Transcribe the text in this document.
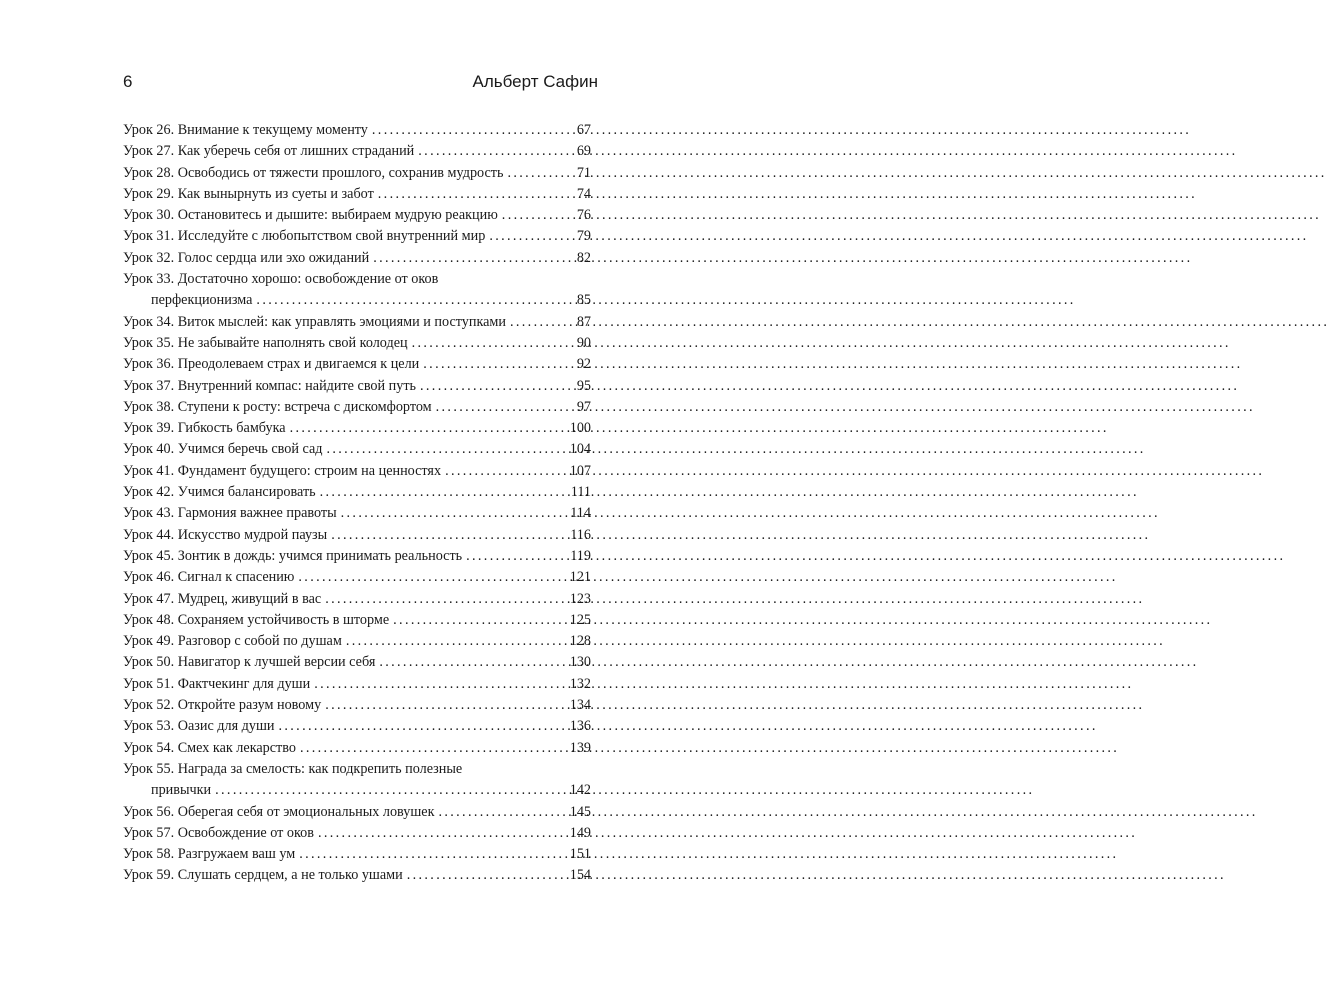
6	Альберт Сафин
Урок 26. Внимание к текущему моменту . . .	67
Урок 27. Как уберечь себя от лишних страданий . . .	69
Урок 28. Освободись от тяжести прошлого, сохранив мудрость . . .	71
Урок 29. Как вынырнуть из суеты и забот . . .	74
Урок 30. Остановитесь и дышите: выбираем мудрую реакцию . . .	76
Урок 31. Исследуйте с любопытством свой внутренний мир . . .	79
Урок 32. Голос сердца или эхо ожиданий . . .	82
Урок 33. Достаточно хорошо: освобождение от оков
перфекционизма . . .	85
Урок 34. Виток мыслей: как управлять эмоциями и поступками . . .	87
Урок 35. Не забывайте наполнять свой колодец . . .	90
Урок 36. Преодолеваем страх и двигаемся к цели . . .	92
Урок 37. Внутренний компас: найдите свой путь . . .	95
Урок 38. Ступени к росту: встреча с дискомфортом . . .	97
Урок 39. Гибкость бамбука . . .	100
Урок 40. Учимся беречь свой сад . . .	104
Урок 41. Фундамент будущего: строим на ценностях . . .	107
Урок 42. Учимся балансировать . . .	111
Урок 43. Гармония важнее правоты . . .	114
Урок 44. Искусство мудрой паузы . . .	116
Урок 45. Зонтик в дождь: учимся принимать реальность . . .	119
Урок 46. Сигнал к спасению . . .	121
Урок 47. Мудрец, живущий в вас . . .	123
Урок 48. Сохраняем устойчивость в шторме . . .	125
Урок 49. Разговор с собой по душам . . .	128
Урок 50. Навигатор к лучшей версии себя . . .	130
Урок 51. Фактчекинг для души . . .	132
Урок 52. Откройте разум новому . . .	134
Урок 53. Оазис для души . . .	136
Урок 54. Смех как лекарство . . .	139
Урок 55. Награда за смелость: как подкрепить полезные
привычки . . .	142
Урок 56. Оберегая себя от эмоциональных ловушек . . .	145
Урок 57. Освобождение от оков . . .	149
Урок 58. Разгружаем ваш ум . . .	151
Урок 59. Слушать сердцем, а не только ушами . . .	154
